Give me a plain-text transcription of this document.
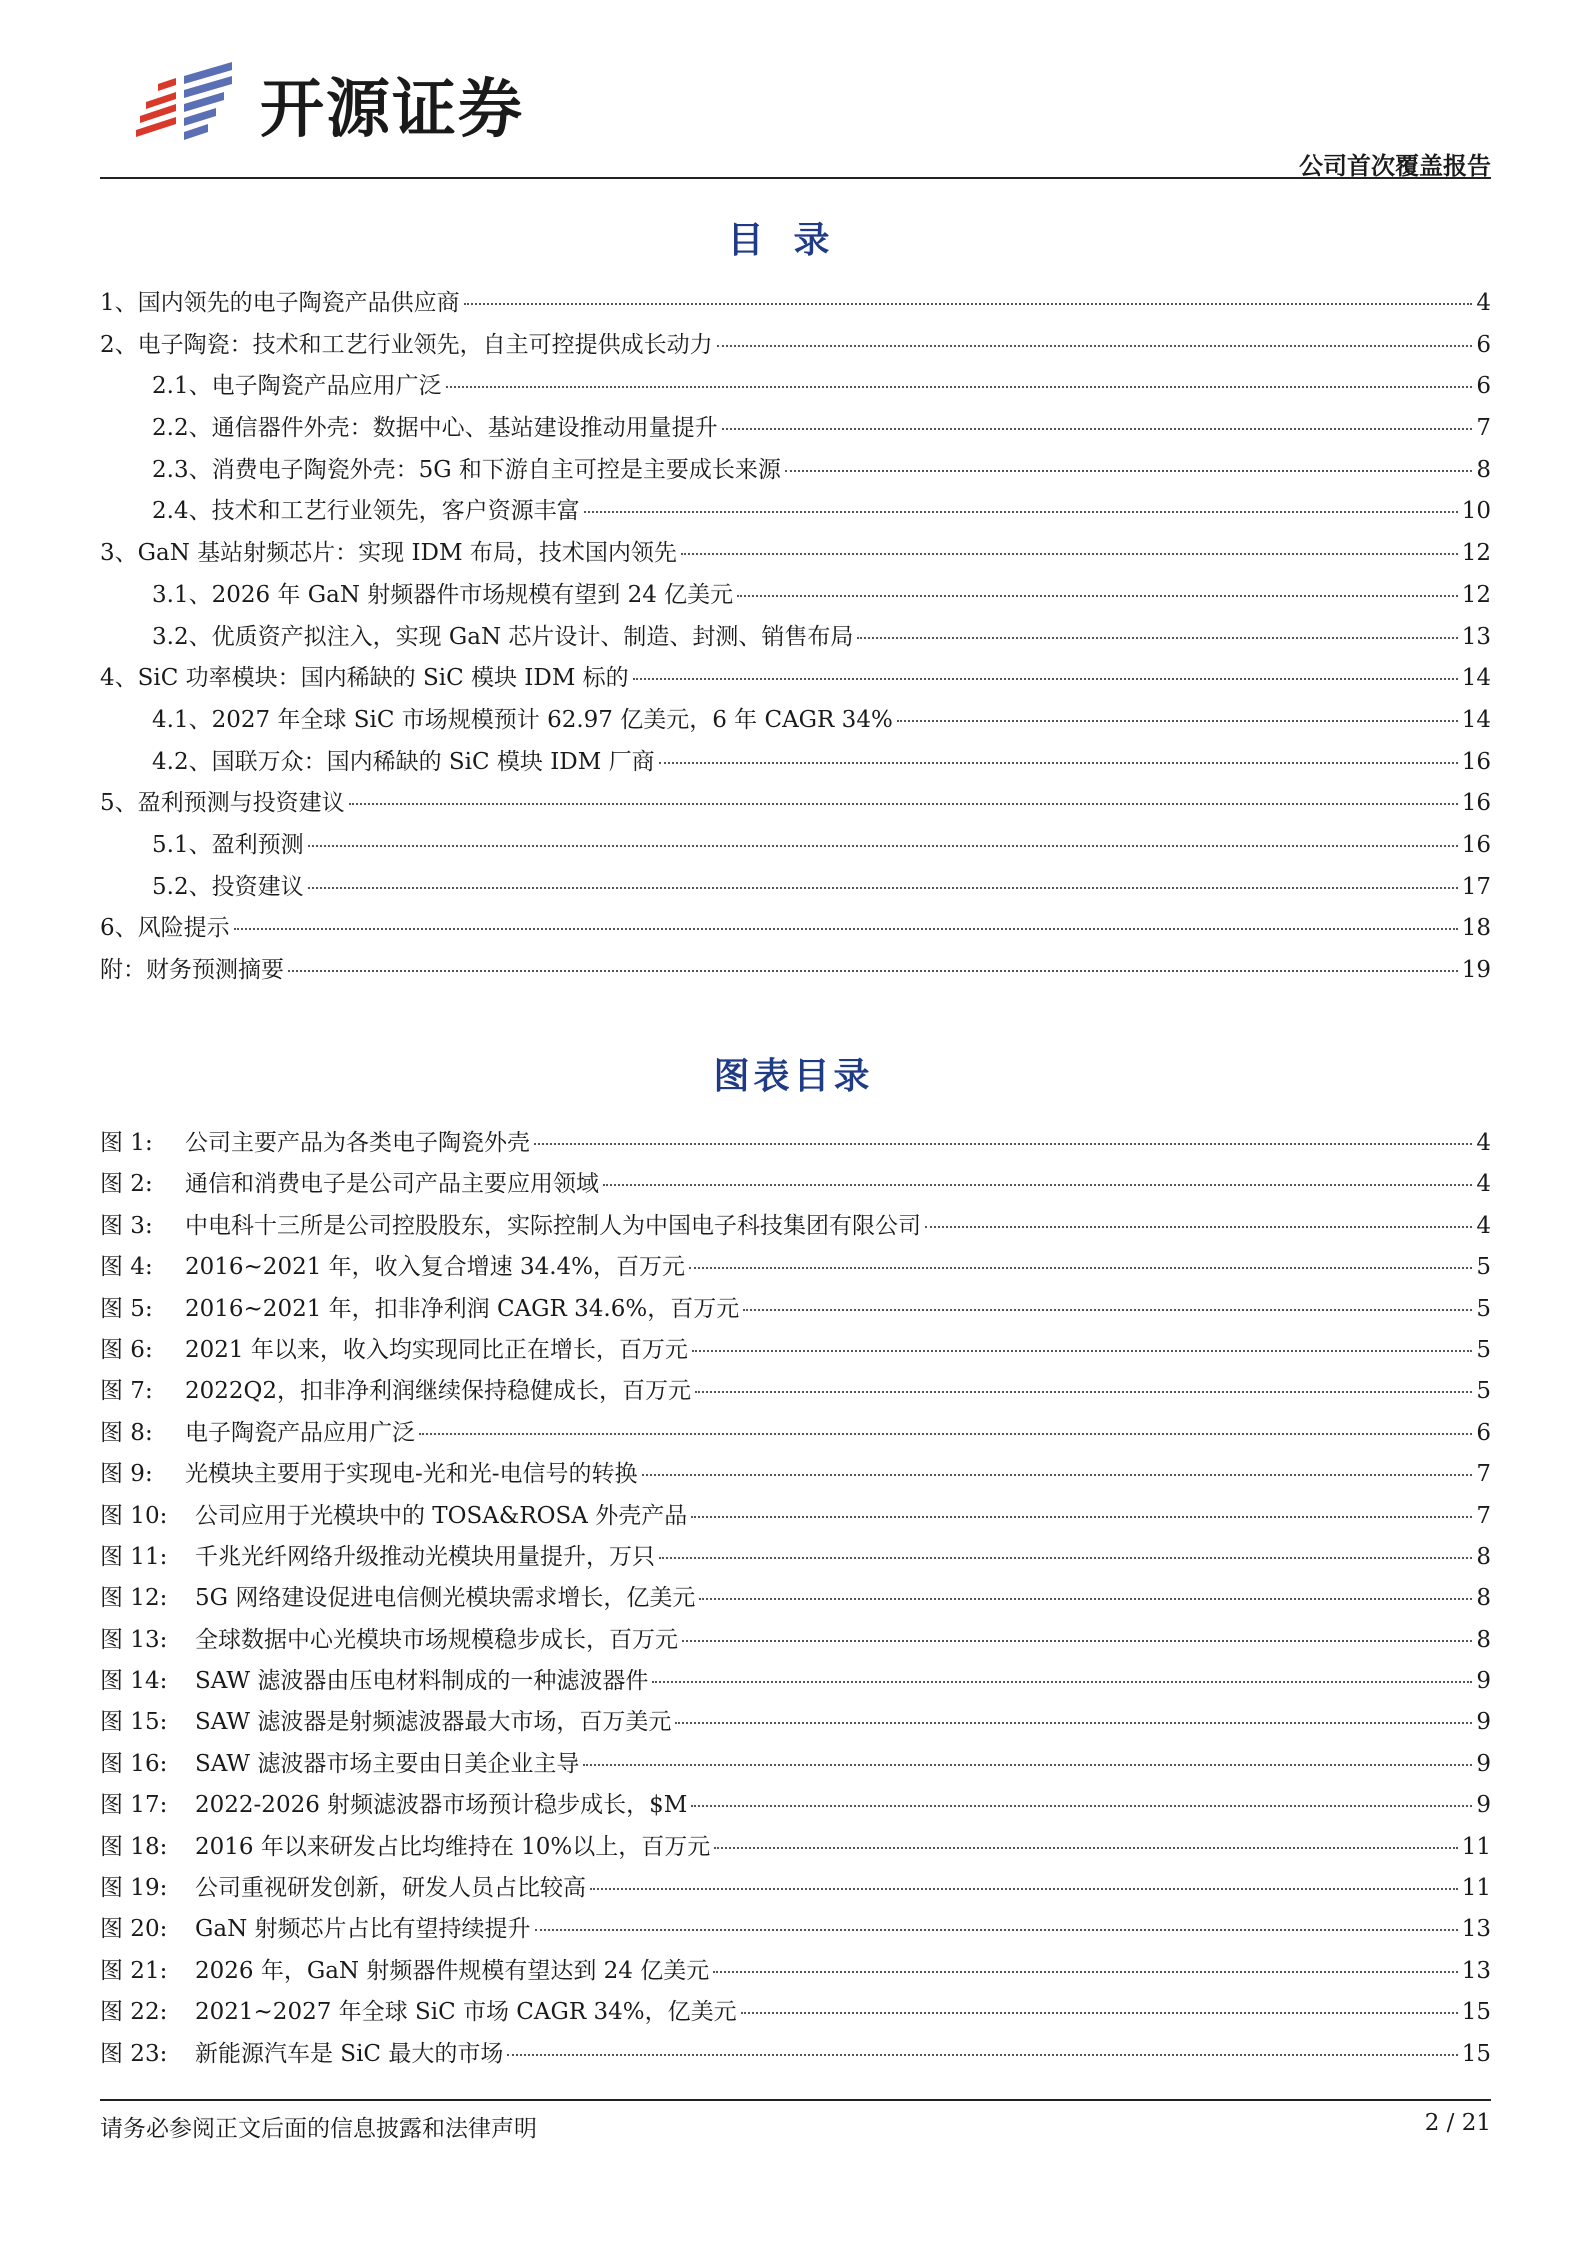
开源证券
公司首次覆盖报告
目录
1、国内领先的电子陶瓷产品供应商	4
2、电子陶瓷：技术和工艺行业领先，自主可控提供成长动力	6
2.1、电子陶瓷产品应用广泛	6
2.2、通信器件外壳：数据中心、基站建设推动用量提升	7
2.3、消费电子陶瓷外壳：5G 和下游自主可控是主要成长来源	8
2.4、技术和工艺行业领先，客户资源丰富	10
3、GaN 基站射频芯片：实现 IDM 布局，技术国内领先	12
3.1、2026 年 GaN 射频器件市场规模有望到 24 亿美元	12
3.2、优质资产拟注入，实现 GaN 芯片设计、制造、封测、销售布局	13
4、SiC 功率模块：国内稀缺的 SiC 模块 IDM 标的	14
4.1、2027 年全球 SiC 市场规模预计 62.97 亿美元，6 年 CAGR 34%	14
4.2、国联万众：国内稀缺的 SiC 模块 IDM 厂商	16
5、盈利预测与投资建议	16
5.1、盈利预测	16
5.2、投资建议	17
6、风险提示	18
附：财务预测摘要	19
图表目录
图 1:	公司主要产品为各类电子陶瓷外壳	4
图 2:	通信和消费电子是公司产品主要应用领域	4
图 3:	中电科十三所是公司控股股东，实际控制人为中国电子科技集团有限公司	4
图 4:	2016~2021 年，收入复合增速 34.4%，百万元	5
图 5:	2016~2021 年，扣非净利润 CAGR 34.6%，百万元	5
图 6:	2021 年以来，收入均实现同比正在增长，百万元	5
图 7:	2022Q2，扣非净利润继续保持稳健成长，百万元	5
图 8:	电子陶瓷产品应用广泛	6
图 9:	光模块主要用于实现电-光和光-电信号的转换	7
图 10:	公司应用于光模块中的 TOSA&ROSA 外壳产品	7
图 11:	千兆光纤网络升级推动光模块用量提升，万只	8
图 12:	5G 网络建设促进电信侧光模块需求增长，亿美元	8
图 13:	全球数据中心光模块市场规模稳步成长，百万元	8
图 14:	SAW 滤波器由压电材料制成的一种滤波器件	9
图 15:	SAW 滤波器是射频滤波器最大市场，百万美元	9
图 16:	SAW 滤波器市场主要由日美企业主导	9
图 17:	2022-2026 射频滤波器市场预计稳步成长，$M	9
图 18:	2016 年以来研发占比均维持在 10%以上，百万元	11
图 19:	公司重视研发创新，研发人员占比较高	11
图 20:	GaN 射频芯片占比有望持续提升	13
图 21:	2026 年，GaN 射频器件规模有望达到 24 亿美元	13
图 22:	2021~2027 年全球 SiC 市场 CAGR 34%，亿美元	15
图 23:	新能源汽车是 SiC 最大的市场	15
请务必参阅正文后面的信息披露和法律声明	2 / 21
